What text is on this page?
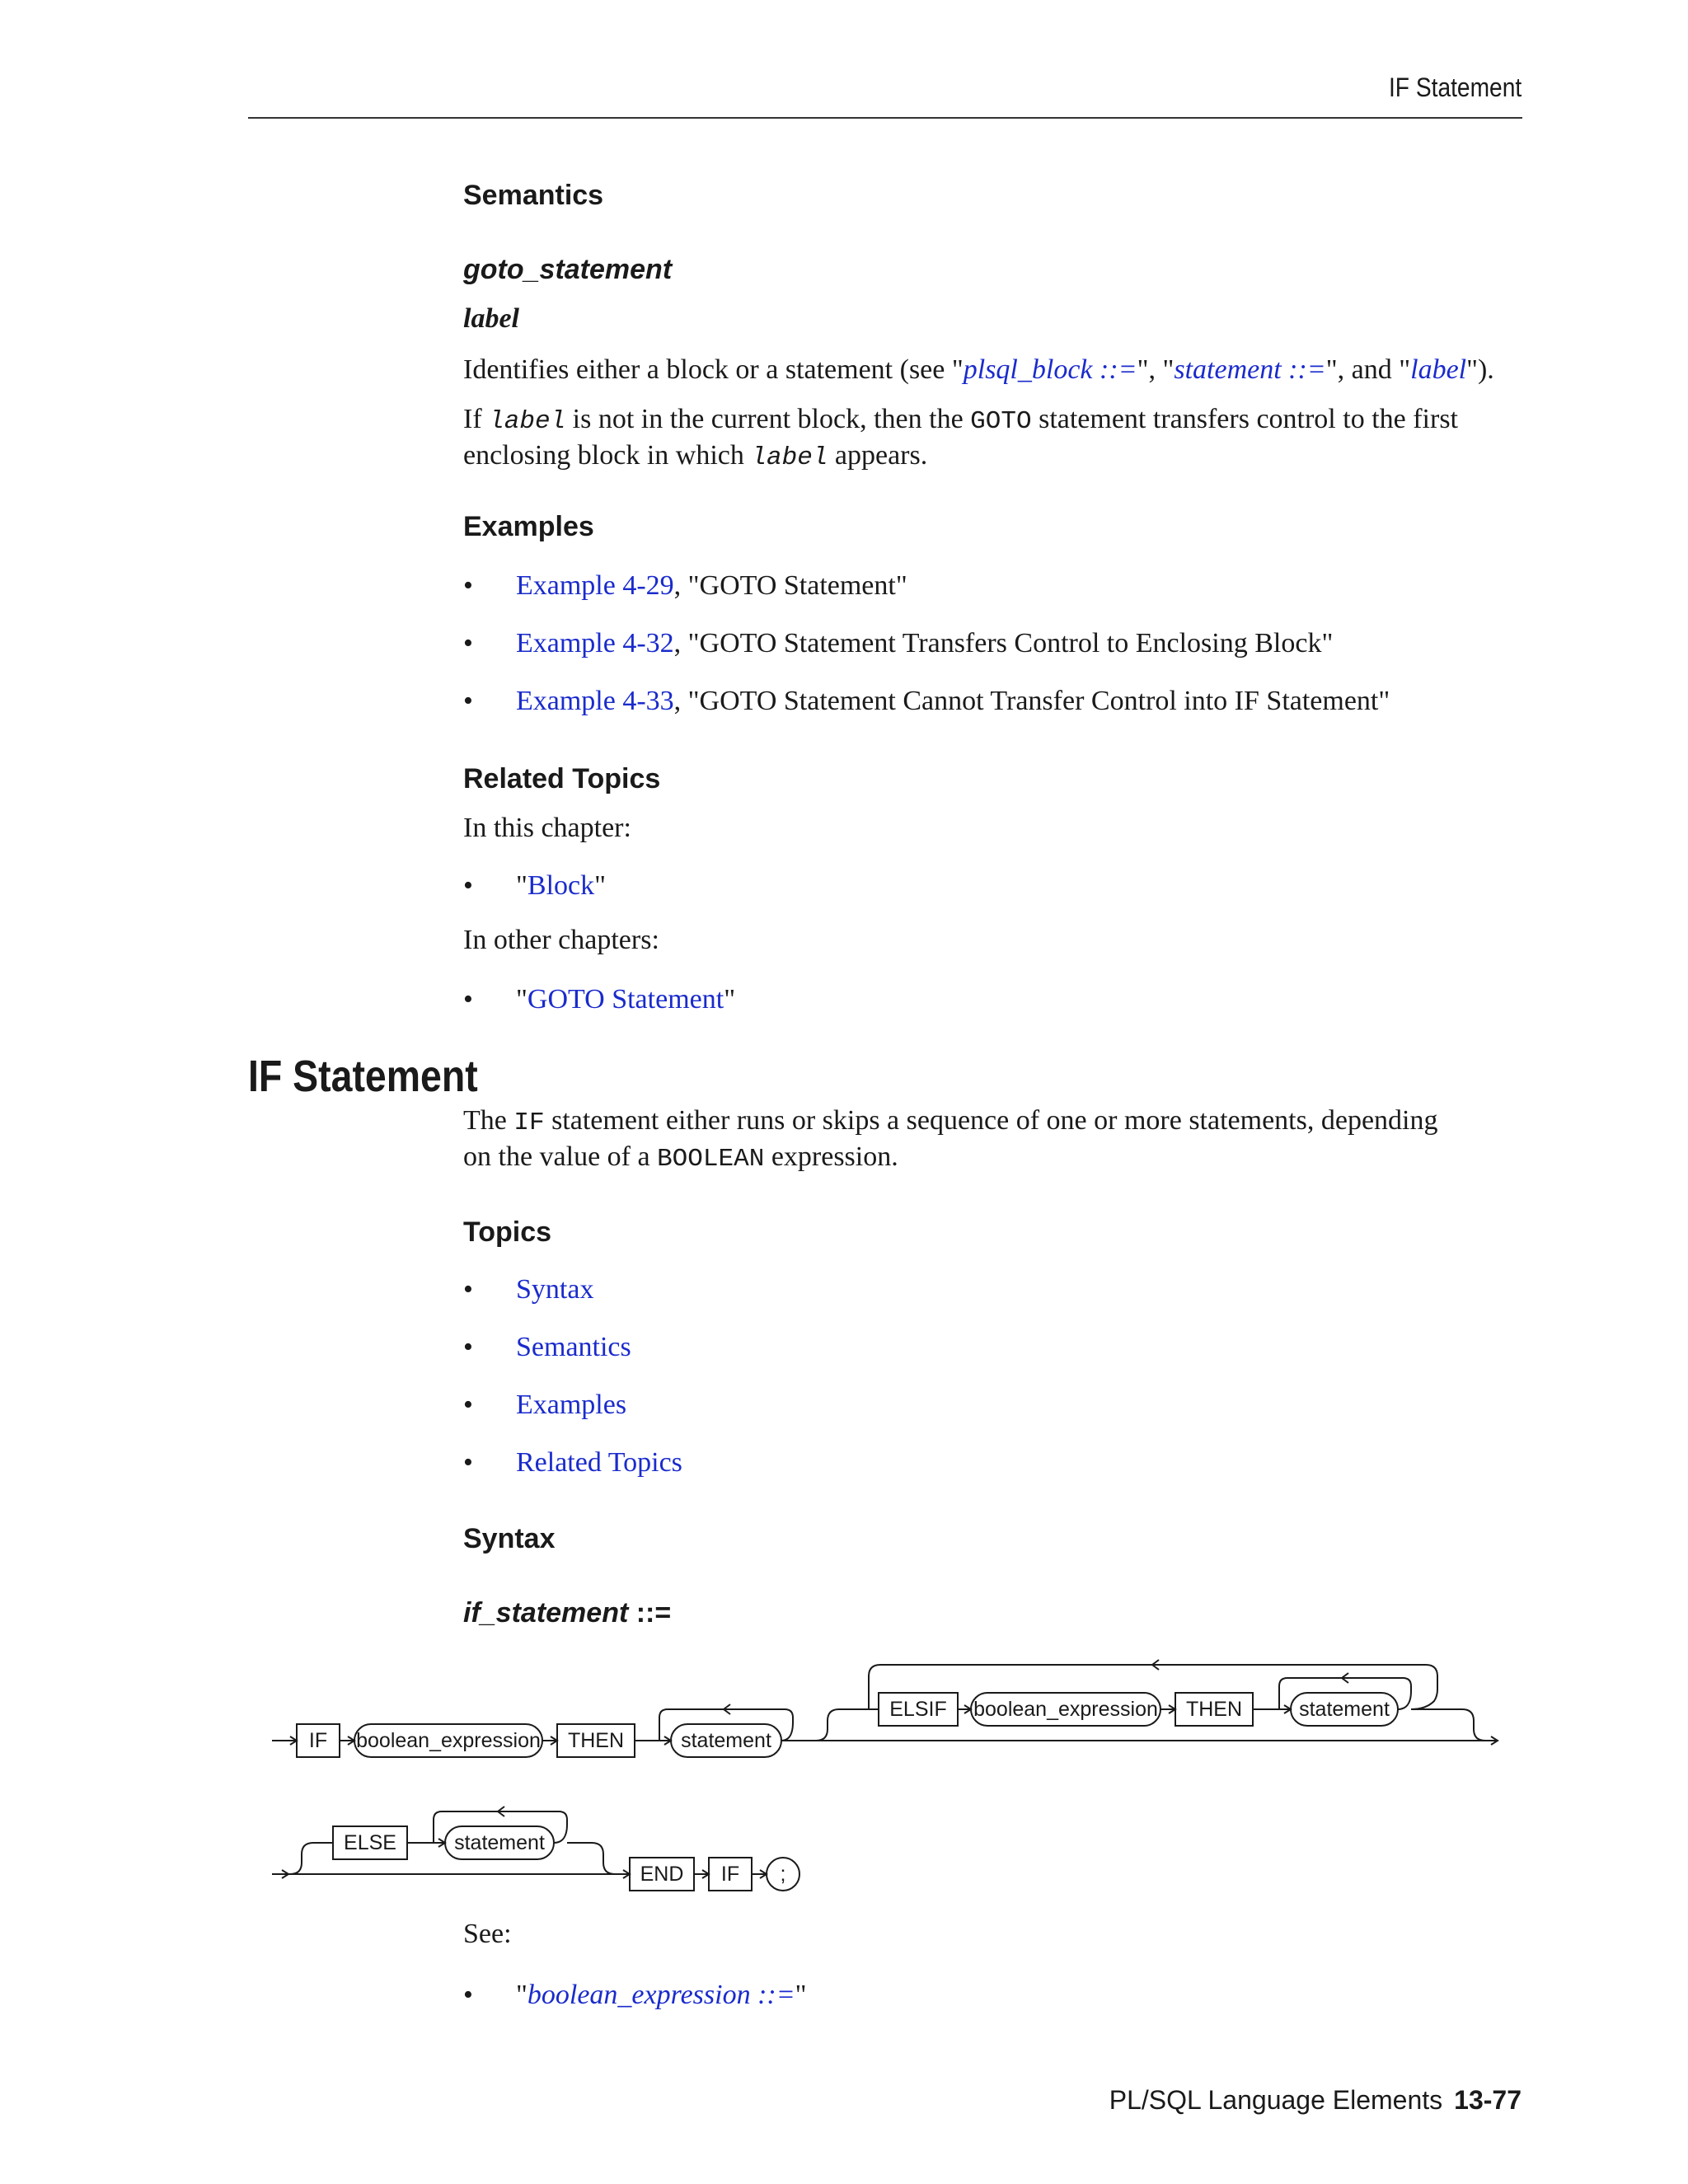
IF Statement
Semantics
goto_statement
label
Identifies either a block or a statement (see "plsql_block ::=", "statement ::=", and "label").
If label is not in the current block, then the GOTO statement transfers control to the first enclosing block in which label appears.
Examples
• Example 4-29, "GOTO Statement"
• Example 4-32, "GOTO Statement Transfers Control to Enclosing Block"
• Example 4-33, "GOTO Statement Cannot Transfer Control into IF Statement"
Related Topics
In this chapter:
• "Block"
In other chapters:
• "GOTO Statement"
IF Statement
The IF statement either runs or skips a sequence of one or more statements, depending on the value of a BOOLEAN expression.
Topics
• Syntax
• Semantics
• Examples
• Related Topics
Syntax
if_statement ::=
IF boolean_expression THEN	statement
ELSIF boolean_expression THEN	statement
ELSE	statement
END IF ;
See:
• "boolean_expression ::="
PL/SQL Language Elements 13-77
